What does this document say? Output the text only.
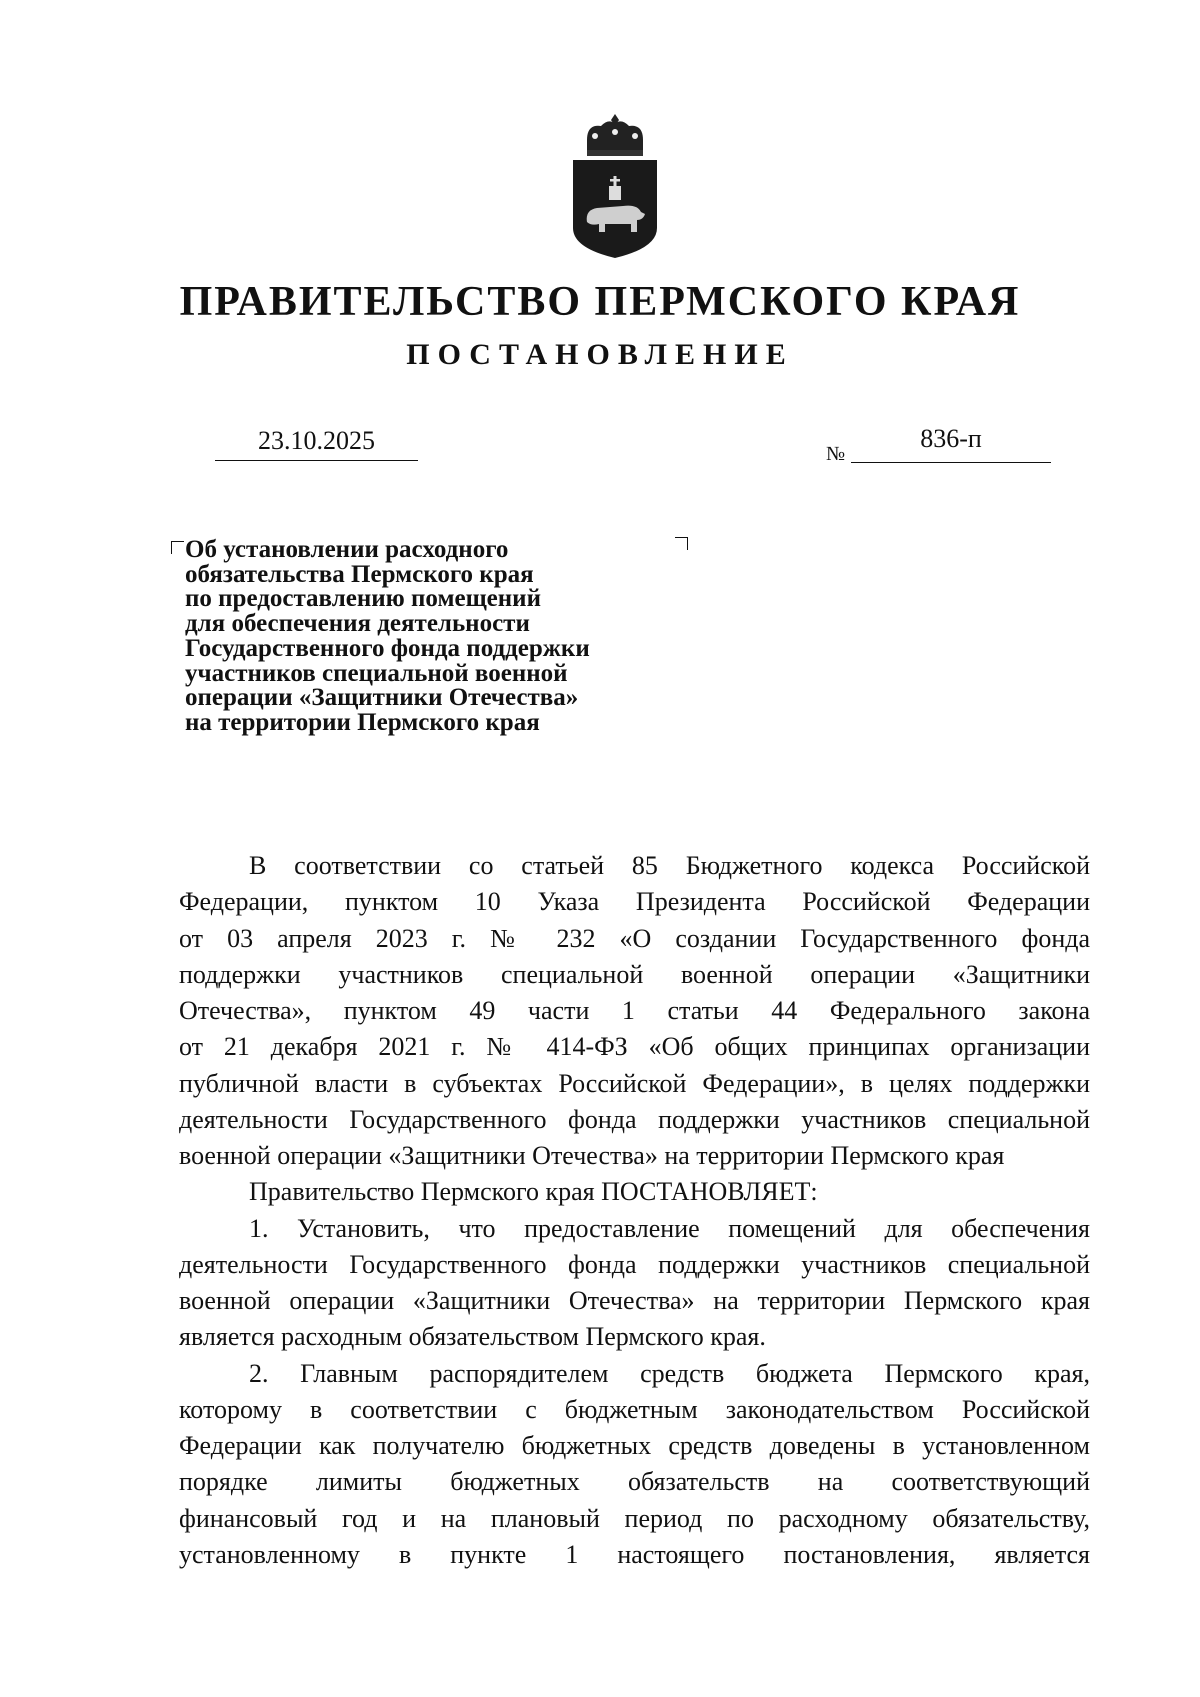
ПРАВИТЕЛЬСТВО ПЕРМСКОГО КРАЯ
ПОСТАНОВЛЕНИЕ
23.10.2025	№
836-п
Об установлении расходного
обязательства Пермского края
по предоставлению помещений
для обеспечения деятельности
Государственного фонда поддержки
участников специальной военной
операции «Защитники Отечества»
на территории Пермского края
В соответствии со статьей 85 Бюджетного кодекса Российской
Федерации, пунктом 10 Указа Президента Российской Федерации
от 03 апреля 2023 г. № 232 «О создании Государственного фонда
поддержки участников специальной военной операции «Защитники
Отечества», пунктом 49 части 1 статьи 44 Федерального закона
от 21 декабря 2021 г. № 414-ФЗ «Об общих принципах организации
публичной власти в субъектах Российской Федерации», в целях поддержки
деятельности Государственного фонда поддержки участников специальной
военной операции «Защитники Отечества» на территории Пермского края
Правительство Пермского края ПОСТАНОВЛЯЕТ:
1. Установить, что предоставление помещений для обеспечения
деятельности Государственного фонда поддержки участников специальной
военной операции «Защитники Отечества» на территории Пермского края
является расходным обязательством Пермского края.
2. Главным распорядителем средств бюджета Пермского края,
которому в соответствии с бюджетным законодательством Российской
Федерации как получателю бюджетных средств доведены в установленном
порядке лимиты бюджетных обязательств на соответствующий
финансовый год и на плановый период по расходному обязательству,
установленному в пункте 1 настоящего постановления, является
